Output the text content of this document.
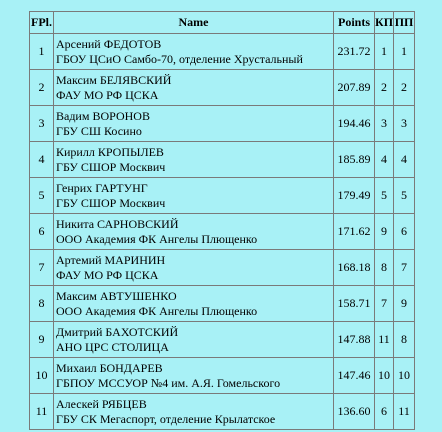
FPl.	Name	Points	КП	ПП
1	Арсений ФЕДОТОВ
ГБОУ ЦСиО Самбо-70, отделение Хрустальный	231.72	1	1
2	Максим БЕЛЯВСКИЙ
ФАУ МО РФ ЦСКА	207.89	2	2
3	Вадим ВОРОНОВ
ГБУ СШ Косино	194.46	3	3
4	Кирилл КРОПЫЛЕВ
ГБУ СШОР Москвич	185.89	4	4
5	Генрих ГАРТУНГ
ГБУ СШОР Москвич	179.49	5	5
6	Никита САРНОВСКИЙ
ООО Академия ФК Ангелы Плющенко	171.62	9	6
7	Артемий МАРИНИН
ФАУ МО РФ ЦСКА	168.18	8	7
8	Максим АВТУШЕНКО
ООО Академия ФК Ангелы Плющенко	158.71	7	9
9	Дмитрий БАХОТСКИЙ
АНО ЦРС СТОЛИЦА	147.88	11	8
10	Михаил БОНДАРЕВ
ГБПОУ МССУОР №4 им. А.Я. Гомельского	147.46	10	10
11	Алескей РЯБЦЕВ
ГБУ СК Мегаспорт, отделение Крылатское	136.60	6	11
